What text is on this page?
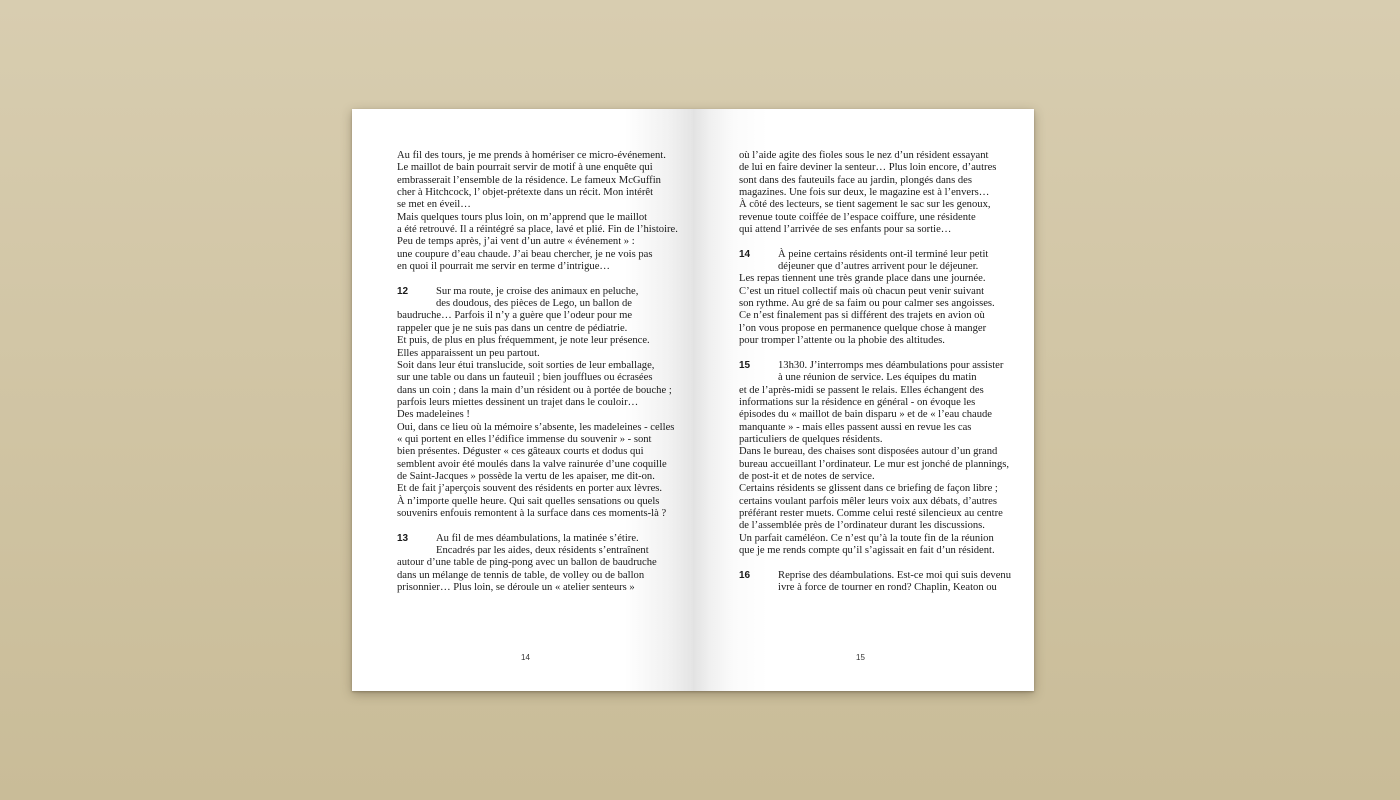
Au fil des tours, je me prends à homériser ce micro-événement.
Le maillot de bain pourrait servir de motif à une enquête qui
embrasserait l’ensemble de la résidence. Le fameux McGuffin
cher à Hitchcock, l’ objet-prétexte dans un récit. Mon intérêt
se met en éveil…
Mais quelques tours plus loin, on m’apprend que le maillot
a été retrouvé. Il a réintégré sa place, lavé et plié. Fin de l’histoire.
Peu de temps après, j’ai vent d’un autre « événement » :
une coupure d’eau chaude. J’ai beau chercher, je ne vois pas
en quoi il pourrait me servir en terme d’intrigue…
12	Sur ma route, je croise des animaux en peluche,
des doudous, des pièces de Lego, un ballon de
baudruche… Parfois il n’y a guère que l’odeur pour me
rappeler que je ne suis pas dans un centre de pédiatrie.
Et puis, de plus en plus fréquemment, je note leur présence.
Elles apparaissent un peu partout.
Soit dans leur étui translucide, soit sorties de leur emballage,
sur une table ou dans un fauteuil ; bien joufflues ou écrasées
dans un coin ; dans la main d’un résident ou à portée de bouche ;
parfois leurs miettes dessinent un trajet dans le couloir…
Des madeleines !
Oui, dans ce lieu où la mémoire s’absente, les madeleines - celles
« qui portent en elles l’édifice immense du souvenir » - sont
bien présentes. Déguster « ces gâteaux courts et dodus qui
semblent avoir été moulés dans la valve rainurée d’une coquille
de Saint-Jacques » possède la vertu de les apaiser, me dit-on.
Et de fait j’aperçois souvent des résidents en porter aux lèvres.
À n’importe quelle heure. Qui sait quelles sensations ou quels
souvenirs enfouis remontent à la surface dans ces moments-là ?
13	Au fil de mes déambulations, la matinée s’étire.
Encadrés par les aides, deux résidents s’entraînent
autour d’une table de ping-pong avec un ballon de baudruche
dans un mélange de tennis de table, de volley ou de ballon
prisonnier… Plus loin, se déroule un « atelier senteurs »
14
où l’aide agite des fioles sous le nez d’un résident essayant
de lui en faire deviner la senteur… Plus loin encore, d’autres
sont dans des fauteuils face au jardin, plongés dans des
magazines. Une fois sur deux, le magazine est à l’envers…
À côté des lecteurs, se tient sagement le sac sur les genoux,
revenue toute coiffée de l’espace coiffure, une résidente
qui attend l’arrivée de ses enfants pour sa sortie…
14	À peine certains résidents ont-il terminé leur petit
déjeuner que d’autres arrivent pour le déjeuner.
Les repas tiennent une très grande place dans une journée.
C’est un rituel collectif mais où chacun peut venir suivant
son rythme. Au gré de sa faim ou pour calmer ses angoisses.
Ce n’est finalement pas si différent des trajets en avion où
l’on vous propose en permanence quelque chose à manger
pour tromper l’attente ou la phobie des altitudes.
15	13h30. J’interromps mes déambulations pour assister
à une réunion de service. Les équipes du matin
et de l’après-midi se passent le relais. Elles échangent des
informations sur la résidence en général - on évoque les
épisodes du « maillot de bain disparu » et de « l’eau chaude
manquante » - mais elles passent aussi en revue les cas
particuliers de quelques résidents.
Dans le bureau, des chaises sont disposées autour d’un grand
bureau accueillant l’ordinateur. Le mur est jonché de plannings,
de post-it et de notes de service.
Certains résidents se glissent dans ce briefing de façon libre ;
certains voulant parfois mêler leurs voix aux débats, d’autres
préférant rester muets. Comme celui resté silencieux au centre
de l’assemblée près de l’ordinateur durant les discussions.
Un parfait caméléon. Ce n’est qu’à la toute fin de la réunion
que je me rends compte qu’il s’agissait en fait d’un résident.
16	Reprise des déambulations. Est-ce moi qui suis devenu
ivre à force de tourner en rond? Chaplin, Keaton ou
15
